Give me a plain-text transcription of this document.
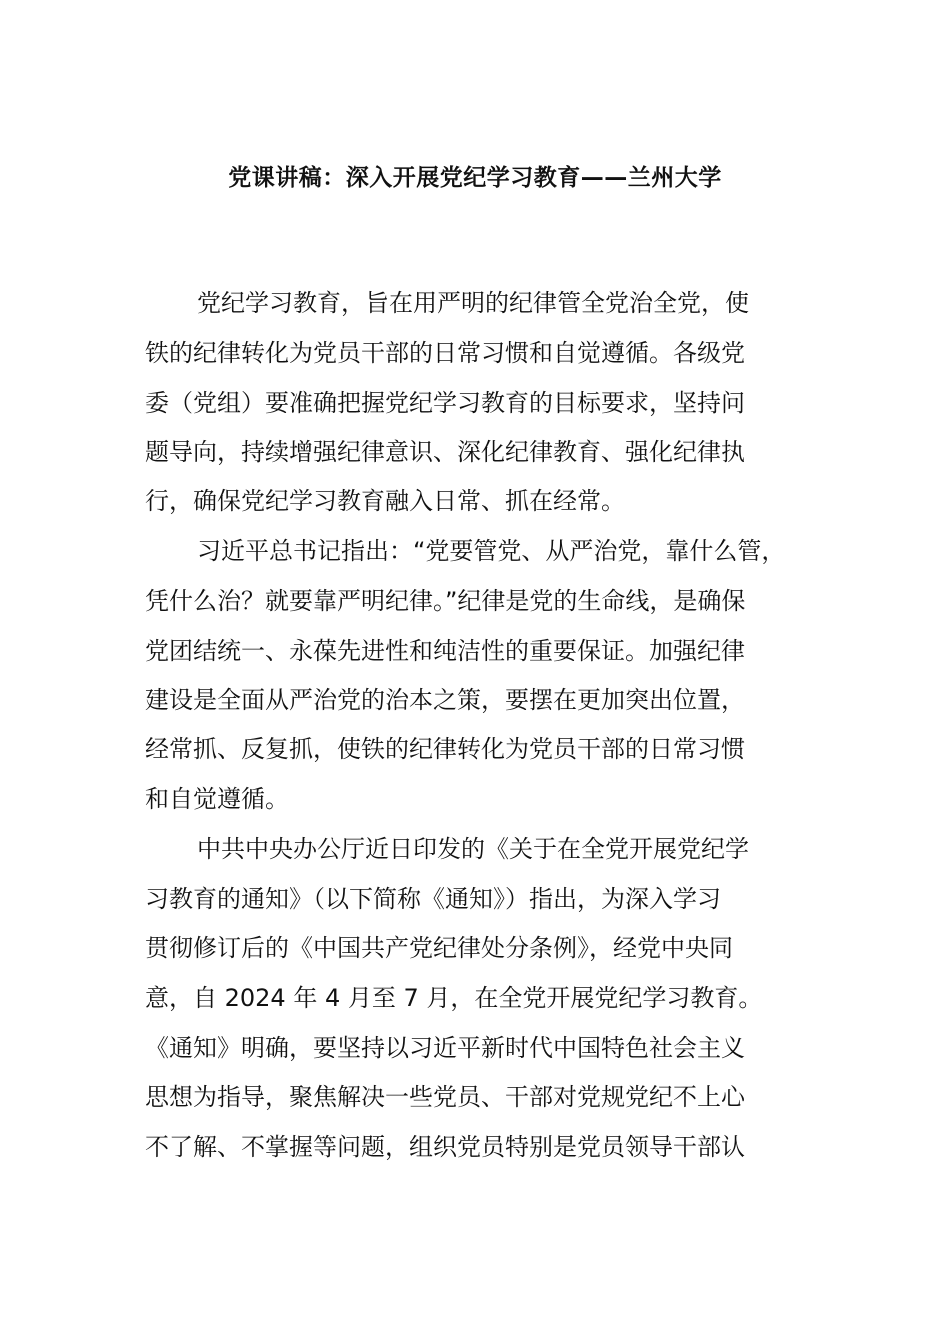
党课讲稿：深入开展党纪学习教育——兰州大学

党纪学习教育，旨在用严明的纪律管全党治全党，使

铁的纪律转化为党员干部的日常习惯和自觉遵循。各级党

委（党组）要准确把握党纪学习教育的目标要求，坚持问

题导向，持续增强纪律意识、深化纪律教育、强化纪律执

行，确保党纪学习教育融入日常、抓在经常。

习近平总书记指出：“党要管党、从严治党，靠什么管，

凭什么治？就要靠严明纪律。”纪律是党的生命线，是确保

党团结统一、永葆先进性和纯洁性的重要保证。加强纪律

建设是全面从严治党的治本之策，要摆在更加突出位置，

经常抓、反复抓，使铁的纪律转化为党员干部的日常习惯

和自觉遵循。

中共中央办公厅近日印发的《关于在全党开展党纪学

习教育的通知》（以下简称《通知》）指出，为深入学习

贯彻修订后的《中国共产党纪律处分条例》，经党中央同

意，自 2024 年 4 月至 7 月，在全党开展党纪学习教育。

《通知》明确，要坚持以习近平新时代中国特色社会主义

思想为指导，聚焦解决一些党员、干部对党规党纪不上心

不了解、不掌握等问题，组织党员特别是党员领导干部认
